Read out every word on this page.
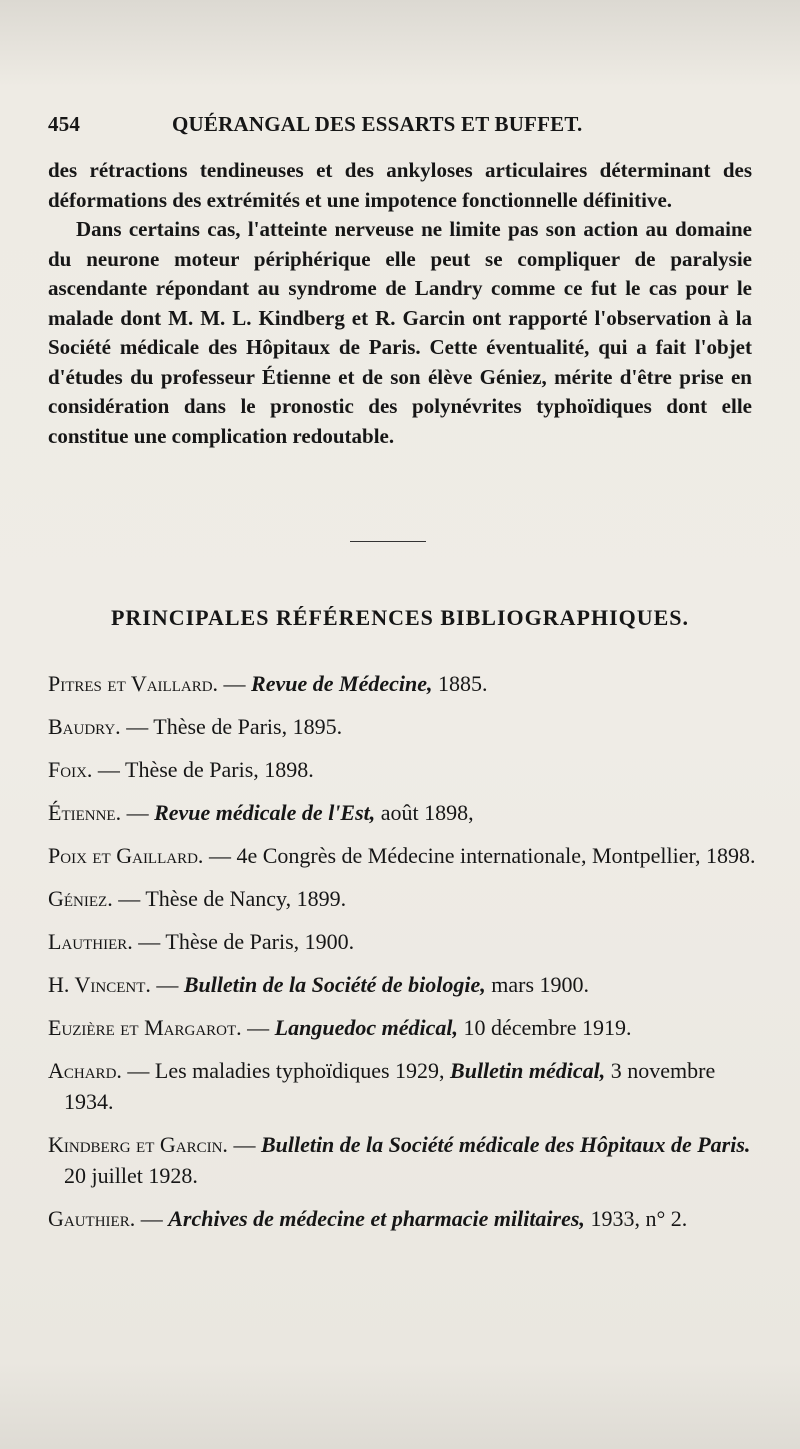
454	QUÉRANGAL DES ESSARTS ET BUFFET.

des rétractions tendineuses et des ankyloses articulaires déterminant des déformations des extrémités et une impotence fonctionnelle définitive.

Dans certains cas, l'atteinte nerveuse ne limite pas son action au domaine du neurone moteur périphérique elle peut se compliquer de paralysie ascendante répondant au syndrome de Landry comme ce fut le cas pour le malade dont M. M. L. Kindberg et R. Garcin ont rapporté l'observation à la Société médicale des Hôpitaux de Paris. Cette éventualité, qui a fait l'objet d'études du professeur Étienne et de son élève Géniez, mérite d'être prise en considération dans le pronostic des polynévrites typhoïdiques dont elle constitue une complication redoutable.

PRINCIPALES RÉFÉRENCES BIBLIOGRAPHIQUES.
Pitres et Vaillard. — Revue de Médecine, 1885.
Baudry. — Thèse de Paris, 1895.
Foix. — Thèse de Paris, 1898.
Étienne. — Revue médicale de l'Est, août 1898,
Poix et Gaillard. — 4e Congrès de Médecine internationale, Montpellier, 1898.
Géniez. — Thèse de Nancy, 1899.
Lauthier. — Thèse de Paris, 1900.
H. Vincent. — Bulletin de la Société de biologie, mars 1900.
Euzière et Margarot. — Languedoc médical, 10 décembre 1919.
Achard. — Les maladies typhoïdiques 1929, Bulletin médical, 3 novembre 1934.
Kindberg et Garcin. — Bulletin de la Société médicale des Hôpitaux de Paris. 20 juillet 1928.
Gauthier. — Archives de médecine et pharmacie militaires, 1933, n° 2.
